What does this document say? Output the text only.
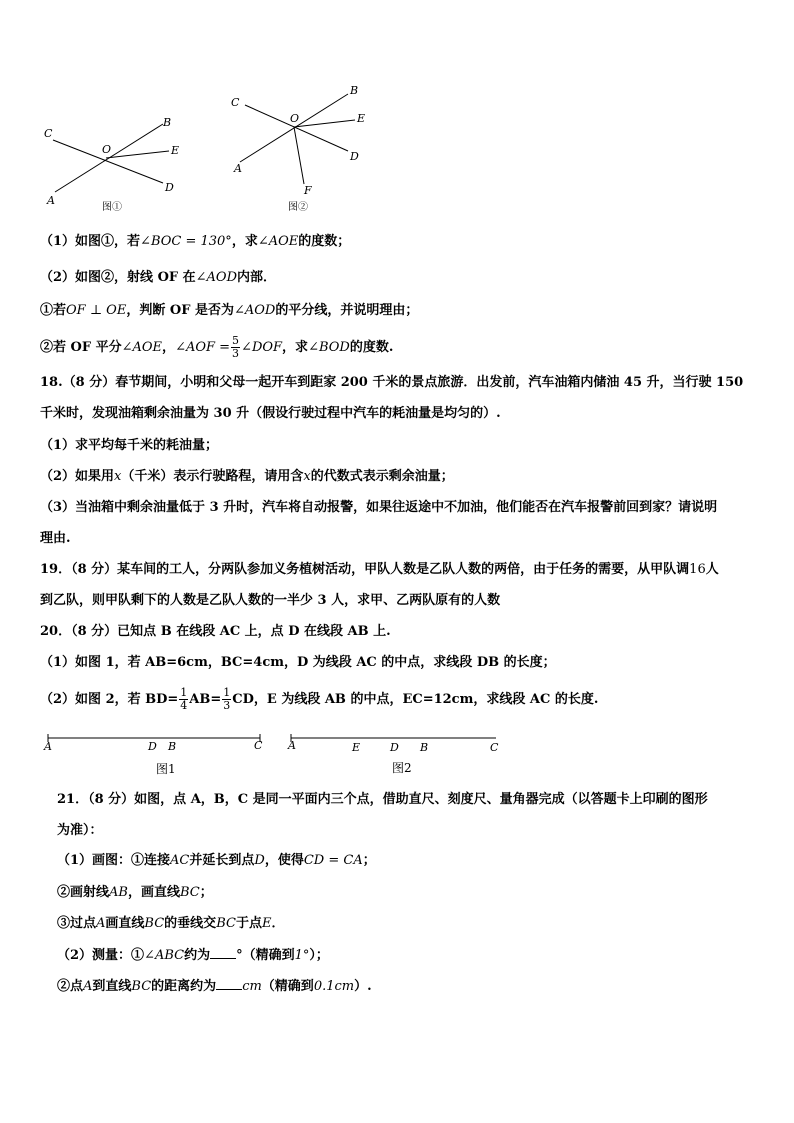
C
B
O	E
A
D
图①
C
B
O	E
A
D
F
图②
（1）如图①，若∠BOC = 130°，求∠AOE的度数；
（2）如图②，射线 OF 在∠AOD内部．
①若OF ⊥ OE，判断 OF 是否为∠AOD的平分线，并说明理由；
②若 OF 平分∠AOE，∠AOF = $\frac{5}{3}$ ∠DOF，求∠BOD的度数.
18.（8 分）春节期间，小明和父母一起开车到距家 200 千米的景点旅游．出发前，汽车油箱内储油 45 升，当行驶 150
千米时，发现油箱剩余油量为 30 升（假设行驶过程中汽车的耗油量是均匀的）.
（1）求平均每千米的耗油量；
（2）如果用x（千米）表示行驶路程，请用含x的代数式表示剩余油量；
（3）当油箱中剩余油量低于 3 升时，汽车将自动报警，如果往返途中不加油，他们能否在汽车报警前回到家？请说明
理由.
19．（8 分）某车间的工人，分两队参加义务植树活动，甲队人数是乙队人数的两倍，由于任务的需要，从甲队调16人
到乙队，则甲队剩下的人数是乙队人数的一半少 3 人，求甲、乙两队原有的人数
20．（8 分）已知点 B 在线段 AC 上，点 D 在线段 AB 上.
（1）如图 1，若 AB=6cm，BC=4cm，D 为线段 AC 的中点，求线段 DB 的长度；
（2）如图 2，若 $BD= \frac{1}{4} AB= \frac{1}{3}$ CD，E 为线段 AB 的中点，EC=12cm，求线段 AC 的长度.
A	D B	C
图1
A	E	D B	C
图2
21．（8 分）如图，点 A，B，C 是同一平面内三个点，借助直尺、刻度尺、量角器完成（以答题卡上印刷的图形
为准）：
（1）画图：①连接AC并延长到点D，使得CD = CA；
②画射线AB，画直线BC；
③过点A画直线BC的垂线交BC于点E．
（2）测量：①∠ABC约为 °（精确到1°）；
②点A到直线BC的距离约为 cm（精确到0.1cm）.
